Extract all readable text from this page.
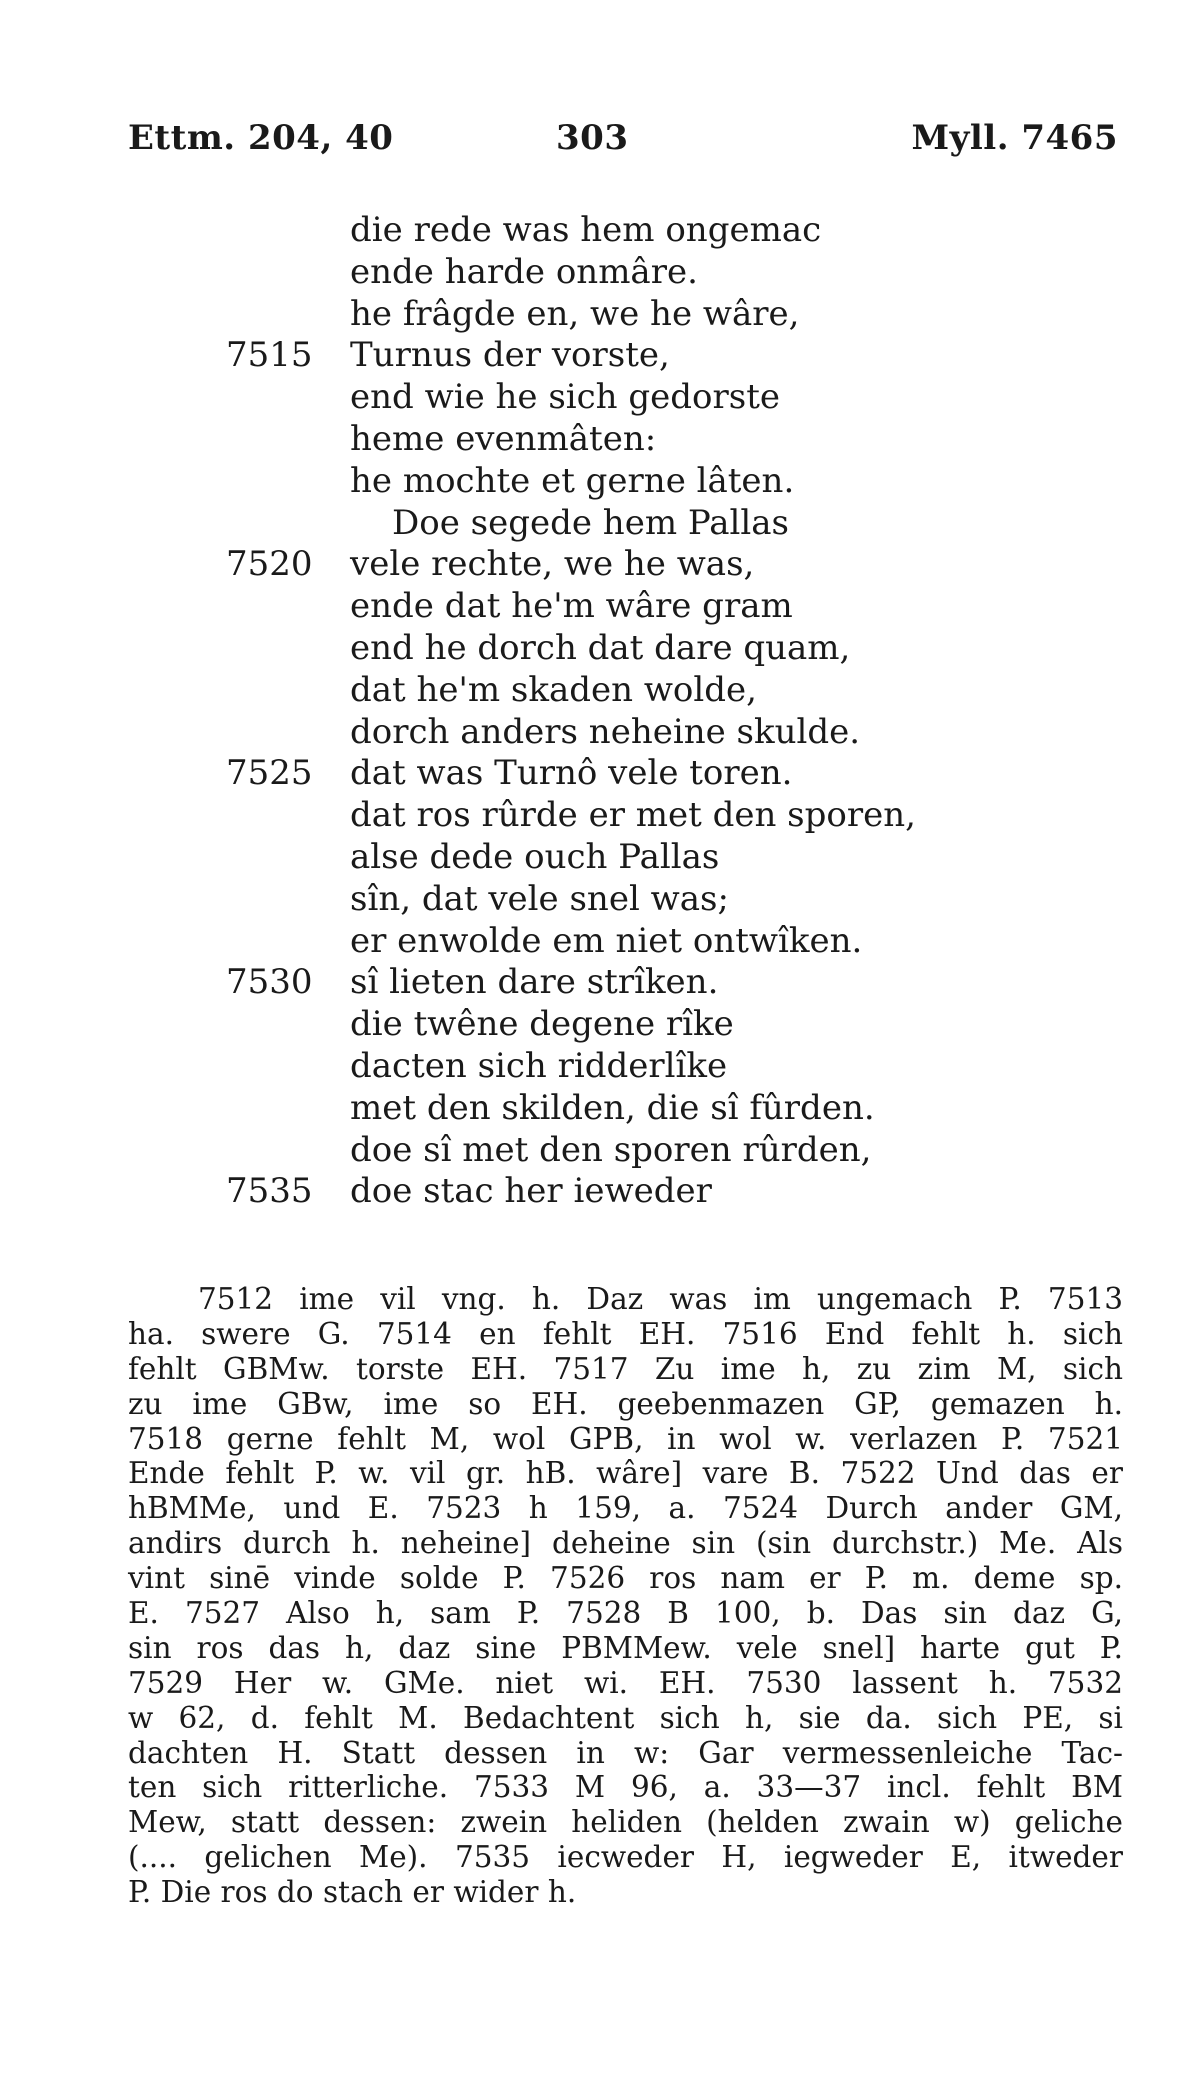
Ettm. 204, 40	303	Myll. 7465
die rede was hem ongemac
ende harde onmâre.
he frâgde en, we he wâre,
7515 Turnus der vorste,
end wie he sich gedorste
heme evenmâten:
he mochte et gerne lâten.
Doe segede hem Pallas
7520 vele rechte, we he was,
ende dat he'm wâre gram
end he dorch dat dare quam,
dat he'm skaden wolde,
dorch anders neheine skulde.
7525 dat was Turnô vele toren.
dat ros rûrde er met den sporen,
alse dede ouch Pallas
sîn, dat vele snel was;
er enwolde em niet ontwîken.
7530 sî lieten dare strîken.
die twêne degene rîke
dacten sich ridderlîke
met den skilden, die sî fûrden.
doe sî met den sporen rûrden,
7535 doe stac her ieweder
7512 ime vil vng. h. Daz was im ungemach P. 7513
ha. swere G. 7514 en fehlt EH. 7516 End fehlt h. sich
fehlt GBMw. torste EH. 7517 Zu ime h, zu zim M, sich
zu ime GBw, ime so EH. geebenmazen GP, gemazen h.
7518 gerne fehlt M, wol GPB, in wol w. verlazen P. 7521
Ende fehlt P. w. vil gr. hB. wâre] vare B. 7522 Und das er
hBMMe, und E. 7523 h 159, a. 7524 Durch ander GM,
andirs durch h. neheine] deheine sin (sin durchstr.) Me. Als
vint sinē vinde solde P. 7526 ros nam er P. m. deme sp.
E. 7527 Also h, sam P. 7528 B 100, b. Das sin daz G,
sin ros das h, daz sine PBMMew. vele snel] harte gut P.
7529 Her w. GMe. niet wi. EH. 7530 lassent h. 7532
w 62, d. fehlt M. Bedachtent sich h, sie da. sich PE, si
dachten H. Statt dessen in w: Gar vermessenleiche Tac-
ten sich ritterliche. 7533 M 96, a. 33—37 incl. fehlt BM
Mew, statt dessen: zwein heliden (helden zwain w) geliche
(.... gelichen Me). 7535 iecweder H, iegweder E, itweder
P. Die ros do stach er wider h.
